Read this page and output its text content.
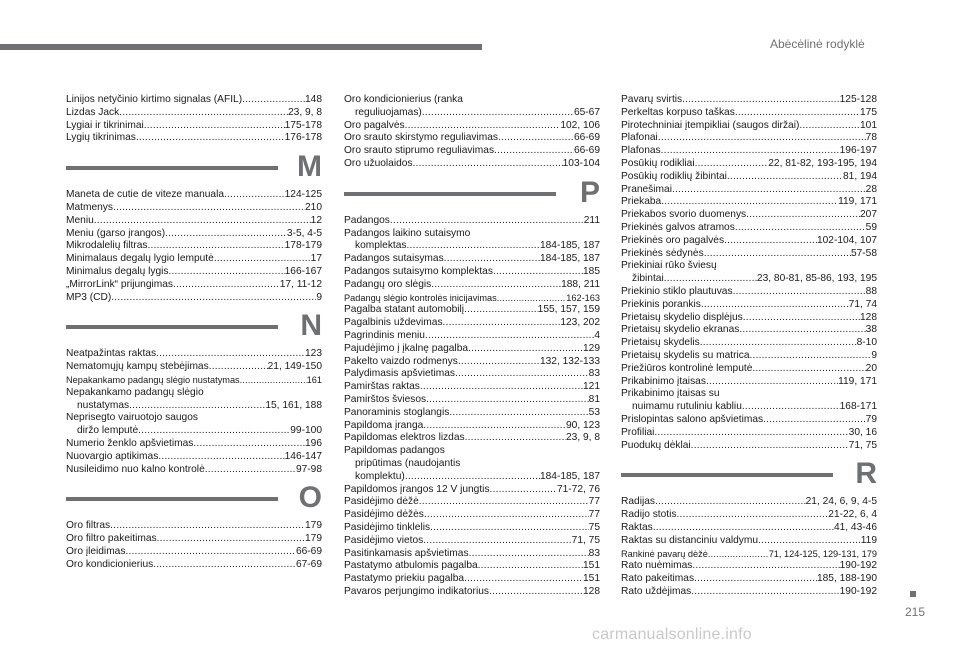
Abėcėlinė rodyklė
Linijos netyčinio kirtimo signalas (AFIL) .....	148
Lizdas Jack .....	23, 9, 8
Lygiai ir tikrinimai .....	175-178
Lygių tikrinimas .....	176-178
M
Maneta de cutie de viteze manuala .....	124-125
Matmenys .....	210
Meniu .....	12
Meniu (garso įrangos) .....	3-5, 4-5
Mikrodalelių filtras .....	178-179
Minimalaus degalų lygio lemputė .....	17
Minimalus degalų lygis .....	166-167
„MirrorLink“ prijungimas .....	17, 11-12
MP3 (CD) .....	9
N
Neatpažintas raktas .....	123
Nematomųjų kampų stebėjimas .....	21, 149-150
Nepakankamo padangų slėgio nustatymas .....	161
Nepakankamo padangų slėgio
nustatymas .....	15, 161, 188
Neprisegto vairuotojo saugos
diržo lemputė .....	99-100
Numerio ženklo apšvietimas .....	196
Nuovargio aptikimas .....	146-147
Nusileidimo nuo kalno kontrolė .....	97-98
O
Oro filtras .....	179
Oro filtro pakeitimas .....	179
Oro įleidimas .....	66-69
Oro kondicionierius .....	67-69
Oro kondicionierius (ranka
reguliuojamas) .....	65-67
Oro pagalvės .....	102, 106
Oro srauto skirstymo reguliavimas .....	66-69
Oro srauto stiprumo reguliavimas .....	66-69
Oro užuolaidos .....	103-104
P
Padangos .....	211
Padangos laikino sutaisymo
komplektas .....	184-185, 187
Padangos sutaisymas .....	184-185, 187
Padangos sutaisymo komplektas .....	185
Padangų oro slėgis .....	188, 211
Padangų slėgio kontrolės inicijavimas .....	162-163
Pagalba statant automobilį .....	155, 157, 159
Pagalbinis uždevimas .....	123, 202
Pagrindinis meniu .....	4
Pajudėjimo į įkalnę pagalba .....	129
Pakelto vaizdo rodmenys .....	132, 132-133
Palydimasis apšvietimas .....	83
Pamirštas raktas .....	121
Pamirštos šviesos .....	81
Panoraminis stoglangis .....	53
Papildoma įranga .....	90, 123
Papildomas elektros lizdas .....	23, 9, 8
Papildomas padangos
pripūtimas (naudojantis
komplektu) .....	184-185, 187
Papildomos įrangos 12 V jungtis .....	71-72, 76
Pasidėjimo dėžė .....	77
Pasidėjimo dėžės .....	77
Pasidėjimo tinklelis .....	75
Pasidėjimo vietos .....	71, 75
Pasitinkamasis apšvietimas .....	83
Pastatymo atbulomis pagalba .....	151
Pastatymo priekiu pagalba .....	151
Pavaros perjungimo indikatorius .....	128
Pavarų svirtis .....	125-128
Perkeltas korpuso taškas .....	175
Pirotechniniai įtempikliai (saugos diržai) .....	101
Plafonai .....	78
Plafonas .....	196-197
Posūkių rodikliai .....	22, 81-82, 193-195, 194
Posūkių rodiklių žibintai .....	81, 194
Pranešimai .....	28
Priekaba .....	119, 171
Priekabos svorio duomenys .....	207
Priekinės galvos atramos .....	59
Priekinės oro pagalvės .....	102-104, 107
Priekinės sėdynės .....	57-58
Priekiniai rūko šviesų
žibintai .....	23, 80-81, 85-86, 193, 195
Priekinio stiklo plautuvas .....	88
Priekinis porankis .....	71, 74
Prietaisų skydelio displėjus .....	128
Prietaisų skydelio ekranas .....	38
Prietaisų skydelis .....	8-10
Prietaisų skydelis su matrica .....	9
Priežiūros kontrolinė lemputė .....	20
Prikabinimo įtaisas .....	119, 171
Prikabinimo įtaisas su
nuimamu rutuliniu kabliu .....	168-171
Prislopintas salono apšvietimas .....	79
Profiliai .....	30, 16
Puodukų dėklai .....	71, 75
R
Radijas .....	21, 24, 6, 9, 4-5
Radijo stotis .....	21-22, 6, 4
Raktas .....	41, 43-46
Raktas su distanciniu valdymu .....	119
Rankinė pavarų dėžė .....	71, 124-125, 129-131, 179
Rato nuėmimas .....	190-192
Rato pakeitimas .....	185, 188-190
Rato uždėjimas .....	190-192
215
carmanualsonline.info
